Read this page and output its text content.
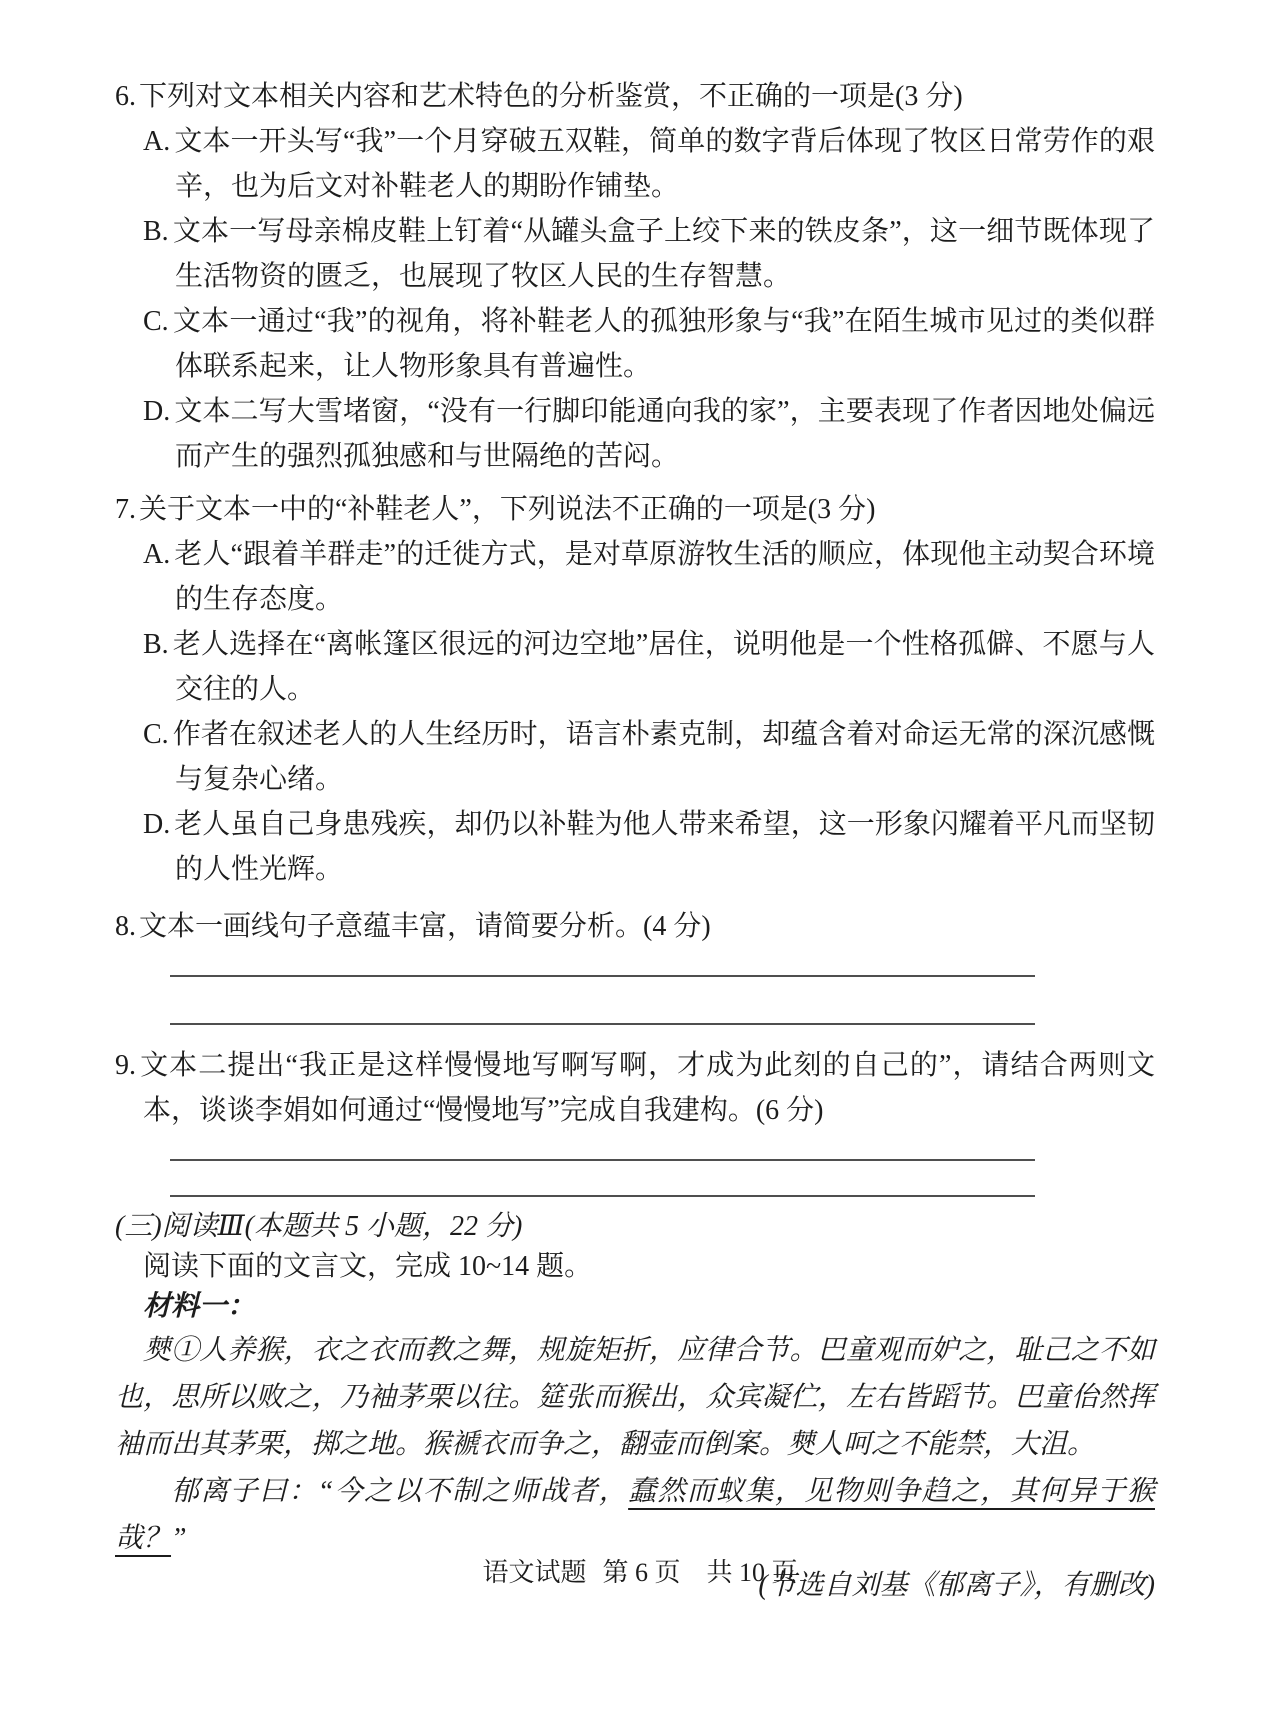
6. 下列对文本相关内容和艺术特色的分析鉴赏，不正确的一项是(3 分)
A. 文本一开头写“我”一个月穿破五双鞋，简单的数字背后体现了牧区日常劳作的艰辛，也为后文对补鞋老人的期盼作铺垫。
B. 文本一写母亲棉皮鞋上钉着“从罐头盒子上绞下来的铁皮条”，这一细节既体现了生活物资的匮乏，也展现了牧区人民的生存智慧。
C. 文本一通过“我”的视角，将补鞋老人的孤独形象与“我”在陌生城市见过的类似群体联系起来，让人物形象具有普遍性。
D. 文本二写大雪堵窗，“没有一行脚印能通向我的家”，主要表现了作者因地处偏远而产生的强烈孤独感和与世隔绝的苦闷。
7. 关于文本一中的“补鞋老人”，下列说法不正确的一项是(3 分)
A. 老人“跟着羊群走”的迁徙方式，是对草原游牧生活的顺应，体现他主动契合环境的生存态度。
B. 老人选择在“离帐篷区很远的河边空地”居住，说明他是一个性格孤僻、不愿与人交往的人。
C. 作者在叙述老人的人生经历时，语言朴素克制，却蕴含着对命运无常的深沉感慨与复杂心绪。
D. 老人虽自己身患残疾，却仍以补鞋为他人带来希望，这一形象闪耀着平凡而坚韧的人性光辉。
8. 文本一画线句子意蕴丰富，请简要分析。(4 分)
9. 文本二提出“我正是这样慢慢地写啊写啊，才成为此刻的自己的”，请结合两则文本，谈谈李娟如何通过“慢慢地写”完成自我建构。(6 分)
(三)阅读Ⅲ(本题共 5 小题，22 分)
阅读下面的文言文，完成 10~14 题。
材料一：
僰①人养猴，衣之衣而教之舞，规旋矩折，应律合节。巴童观而妒之，耻己之不如也，思所以败之，乃袖茅栗以往。筵张而猴出，众宾凝伫，左右皆蹈节。巴童佁然挥袖而出其茅栗，掷之地。猴褫衣而争之，翻壶而倒案。僰人呵之不能禁，大沮。
郁离子曰：“今之以不制之师战者，蠢然而蚁集，见物则争趋之，其何异于猴哉？”
(节选自刘基《郁离子》，有删改)
语文试题 第 6 页　共 10 页
